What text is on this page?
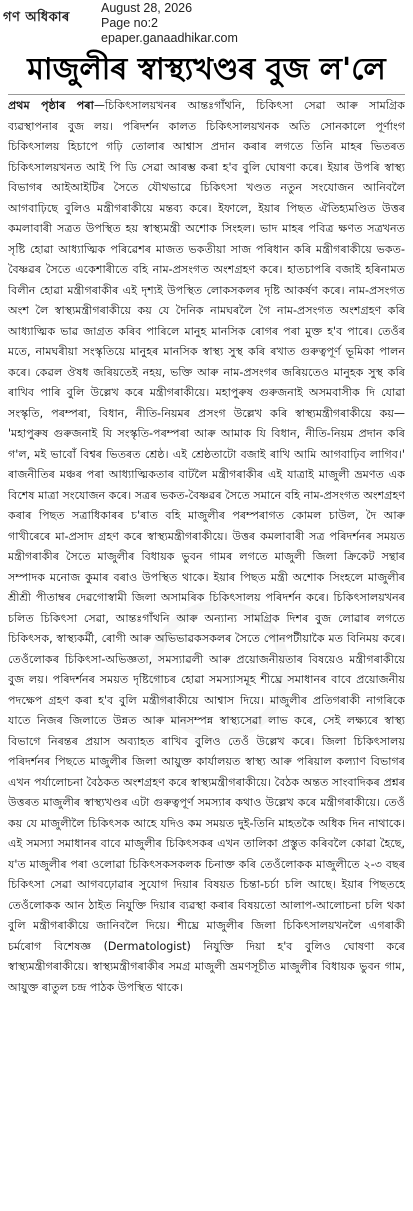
গণ অধিকাৰ
August 28, 2026
Page no:2
epaper.ganaadhikar.com
মাজুলীৰ স্বাস্থ্যখণ্ডৰ বুজ ল'লে
প্ৰথম পৃষ্ঠাৰ পৰা—চিকিৎসালয়খনৰ আন্তঃগাঁথনি, চিকিৎসা সেৱা আৰু সামগ্ৰিক ব্যৱস্থাপনাৰ বুজ লয়। পৰিদৰ্শন কালত চিকিৎসালয়খনক অতি সোনকালে পূৰ্ণাংগ চিকিৎসালয় হিচাপে গঢ়ি তোলাৰ আশ্বাস প্ৰদান কৰাৰ লগতে তিনি মাহৰ ভিতৰত চিকিৎসালয়খনত আই পি ডি সেৱা আৰম্ভ কৰা হ'ব বুলি ঘোষণা কৰে। ইয়াৰ উপৰি স্বাস্থ্য বিভাগৰ আইআইটিৰ সৈতে যৌথভাৱে চিকিৎসা খণ্ডত নতুন সংযোজন আনিবলৈ আগবাঢ়িছে বুলিও মন্ত্ৰীগৰাকীয়ে মন্তব্য কৰে। ইফালে, ইয়াৰ পিছত ঐতিহ্যমণ্ডিত উত্তৰ কমলাবাৰী সত্ৰত উপস্থিত হয় স্বাস্থ্যমন্ত্ৰী অশোক সিংহল। ভাদ মাহৰ পবিত্ৰ ক্ষণত সত্ৰখনত সৃষ্টি হোৱা আধ্যাত্মিক পৰিৱেশৰ মাজত ভকতীয়া সাজ পৰিধান কৰি মন্ত্ৰীগৰাকীয়ে ভকত-বৈষ্ণৱৰ সৈতে একেশাৰীতে বহি নাম-প্ৰসংগত অংশগ্ৰহণ কৰে। হাতচাপৰি বজাই হৰিনামত বিলীন হোৱা মন্ত্ৰীগৰাকীৰ এই দৃশ্যই উপস্থিত লোকসকলৰ দৃষ্টি আকৰ্ষণ কৰে। নাম-প্ৰসংগত অংশ লৈ স্বাস্থ্যমন্ত্ৰীগৰাকীয়ে কয় যে দৈনিক নামঘৰলৈ গৈ নাম-প্ৰসংগত অংশগ্ৰহণ কৰি আধ্যাত্মিক ভাৱ জাগ্ৰত কৰিব পাৰিলে মানুহ মানসিক ৰোগৰ পৰা মুক্ত হ'ব পাৰে। তেওঁৰ মতে, নামঘৰীয়া সংস্কৃতিয়ে মানুহৰ মানসিক স্বাস্থ্য সুস্থ কৰি ৰখাত গুৰুত্বপূৰ্ণ ভূমিকা পালন কৰে। কেৱল ঔষধ জৰিয়তেই নহয়, ভক্তি আৰু নাম-প্ৰসংগৰ জৰিয়তেও মানুহক সুস্থ কৰি ৰাখিব পাৰি বুলি উল্লেখ কৰে মন্ত্ৰীগৰাকীয়ে। মহাপুৰুষ গুৰুজনাই অসমবাসীক দি যোৱা সংস্কৃতি, পৰম্পৰা, বিধান, নীতি-নিয়মৰ প্ৰসংগ উল্লেখ কৰি স্বাস্থ্যমন্ত্ৰীগৰাকীয়ে কয়— 'মহাপুৰুষ গুৰুজনাই যি সংস্কৃতি-পৰম্পৰা আৰু আমাক যি বিধান, নীতি-নিয়ম প্ৰদান কৰি গ'ল, মই ভাবোঁ বিশ্বৰ ভিতৰত শ্ৰেষ্ঠ। এই শ্ৰেষ্ঠতাটো বজাই ৰাখি আমি আগবাঢ়িব লাগিব।' ৰাজনীতিৰ মঞ্চৰ পৰা আধ্যাত্মিকতাৰ বাটলৈ মন্ত্ৰীগৰাকীৰ এই যাত্ৰাই মাজুলী ভ্ৰমণত এক বিশেষ মাত্ৰা সংযোজন কৰে। সত্ৰৰ ভকত-বৈষ্ণৱৰ সৈতে সমানে বহি নাম-প্ৰসংগত অংশগ্ৰহণ কৰাৰ পিছত সত্ৰাধিকাৰৰ চ'ৰাত বহি মাজুলীৰ পৰম্পৰাগত কোমল চাউল, দৈ আৰু গাখীৰেৰে মা-প্ৰসাদ গ্ৰহণ কৰে স্বাস্থ্যমন্ত্ৰীগৰাকীয়ে। উত্তৰ কমলাবাৰী সত্ৰ পৰিদৰ্শনৰ সময়ত মন্ত্ৰীগৰাকীৰ সৈতে মাজুলীৰ বিধায়ক ভুবন গামৰ লগতে মাজুলী জিলা ক্ৰিকেট সন্থাৰ সম্পাদক মনোজ কুমাৰ বৰাও উপস্থিত থাকে। ইয়াৰ পিছত মন্ত্ৰী অশোক সিংহলে মাজুলীৰ শ্ৰীশ্ৰী পীতাম্বৰ দেৱগোস্বামী জিলা অসামৰিক চিকিৎসালয় পৰিদৰ্শন কৰে। চিকিৎসালয়খনৰ চলিত চিকিৎসা সেৱা, আন্তঃগাঁথনি আৰু অন্যান্য সামগ্ৰিক দিশৰ বুজ লোৱাৰ লগতে চিকিৎসক, স্বাস্থ্যকৰ্মী, ৰোগী আৰু অভিভাৱকসকলৰ সৈতে পোনপটীয়াকৈ মত বিনিময় কৰে। তেওঁলোকৰ চিকিৎসা-অভিজ্ঞতা, সমস্যাৱলী আৰু প্ৰয়োজনীয়তাৰ বিষয়েও মন্ত্ৰীগৰাকীয়ে বুজ লয়। পৰিদৰ্শনৰ সময়ত দৃষ্টিগোচৰ হোৱা সমস্যাসমূহ শীঘ্ৰে সমাধানৰ বাবে প্ৰয়োজনীয় পদক্ষেপ গ্ৰহণ কৰা হ'ব বুলি মন্ত্ৰীগৰাকীয়ে আশ্বাস দিয়ে। মাজুলীৰ প্ৰতিগৰাকী নাগৰিকে যাতে নিজৰ জিলাতে উন্নত আৰু মানসম্পন্ন স্বাস্থ্যসেৱা লাভ কৰে, সেই লক্ষ্যৰে স্বাস্থ্য বিভাগে নিৰন্তৰ প্ৰয়াস অব্যাহত ৰাখিব বুলিও তেওঁ উল্লেখ কৰে। জিলা চিকিৎসালয় পৰিদৰ্শনৰ পিছতে মাজুলীৰ জিলা আয়ুক্ত কাৰ্যালয়ত স্বাস্থ্য আৰু পৰিয়াল কল্যাণ বিভাগৰ এখন পৰ্যালোচনা বৈঠকত অংশগ্ৰহণ কৰে স্বাস্থ্যমন্ত্ৰীগৰাকীয়ে। বৈঠক অন্তত সাংবাদিকৰ প্ৰশ্নৰ উত্তৰত মাজুলীৰ স্বাস্থ্যখণ্ডৰ এটা গুৰুত্বপূৰ্ণ সমস্যাৰ কথাও উল্লেখ কৰে মন্ত্ৰীগৰাকীয়ে। তেওঁ কয় যে মাজুলীলৈ চিকিৎসক আহে যদিও কম সময়ত দুই-তিনি মাহতকৈ অধিক দিন নাথাকে। এই সমস্যা সমাধানৰ বাবে মাজুলীৰ চিকিৎসকৰ এখন তালিকা প্ৰস্তুত কৰিবলৈ কোৱা হৈছে, য'ত মাজুলীৰ পৰা ওলোৱা চিকিৎসকসকলক চিনাক্ত কৰি তেওঁলোকক মাজুলীতে ২-৩ বছৰ চিকিৎসা সেৱা আগবঢ়োৱাৰ সুযোগ দিয়াৰ বিষয়ত চিন্তা-চৰ্চা চলি আছে। ইয়াৰ পিছতহে তেওঁলোকক আন ঠাইত নিযুক্তি দিয়াৰ ব্যৱস্থা কৰাৰ বিষয়তো আলাপ-আলোচনা চলি থকা বুলি মন্ত্ৰীগৰাকীয়ে জানিবলৈ দিয়ে। শীঘ্ৰে মাজুলীৰ জিলা চিকিৎসালয়খনলৈ এগৰাকী চৰ্মৰোগ বিশেষজ্ঞ (Dermatologist) নিযুক্তি দিয়া হ'ব বুলিও ঘোষণা কৰে স্বাস্থ্যমন্ত্ৰীগৰাকীয়ে। স্বাস্থ্যমন্ত্ৰীগৰাকীৰ সমগ্ৰ মাজুলী ভ্ৰমণসূচীত মাজুলীৰ বিধায়ক ভুবন গাম, আয়ুক্ত ৰাতুল চন্দ্ৰ পাঠক উপস্থিত থাকে।
